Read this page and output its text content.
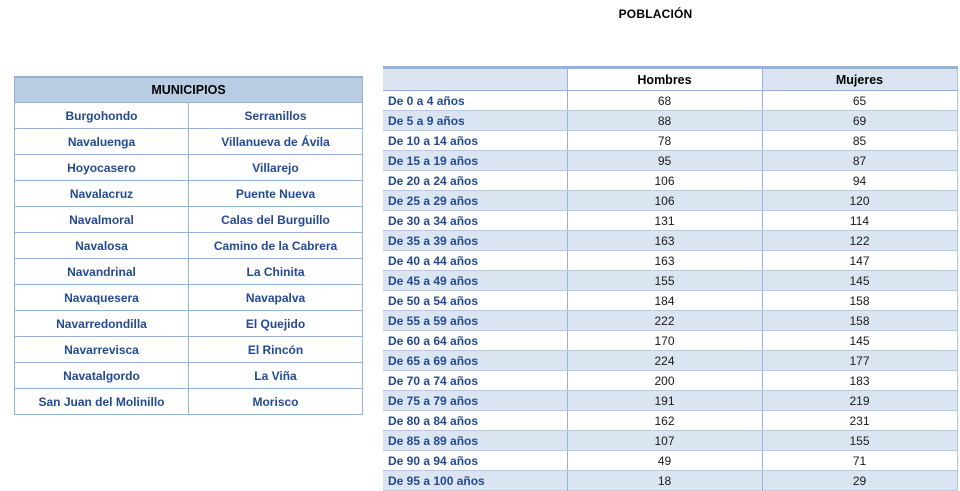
POBLACIÓN
MUNICIPIOS	
Burgohondo	Serranillos
Navaluenga	Villanueva de Ávila
Hoyocasero	Villarejo
Navalacruz	Puente Nueva
Navalmoral	Calas del Burguillo
Navalosa	Camino de la Cabrera
Navandrinal	La Chinita
Navaquesera	Navapalva
Navarredondilla	El Quejido
Navarrevisca	El Rincón
Navatalgordo	La Viña
San Juan del Molinillo	Morisco
	Hombres	Mujeres
De 0 a 4 años	68	65
De 5 a 9 años	88	69
De 10 a 14 años	78	85
De 15 a 19 años	95	87
De 20 a 24 años	106	94
De 25 a 29 años	106	120
De 30 a 34 años	131	114
De 35 a 39 años	163	122
De 40 a 44 años	163	147
De 45 a 49 años	155	145
De 50 a 54 años	184	158
De 55 a 59 años	222	158
De 60 a 64 años	170	145
De 65 a 69 años	224	177
De 70 a 74 años	200	183
De 75 a 79 años	191	219
De 80 a 84 años	162	231
De 85 a 89 años	107	155
De 90 a 94 años	49	71
De 95 a 100 años	18	29
